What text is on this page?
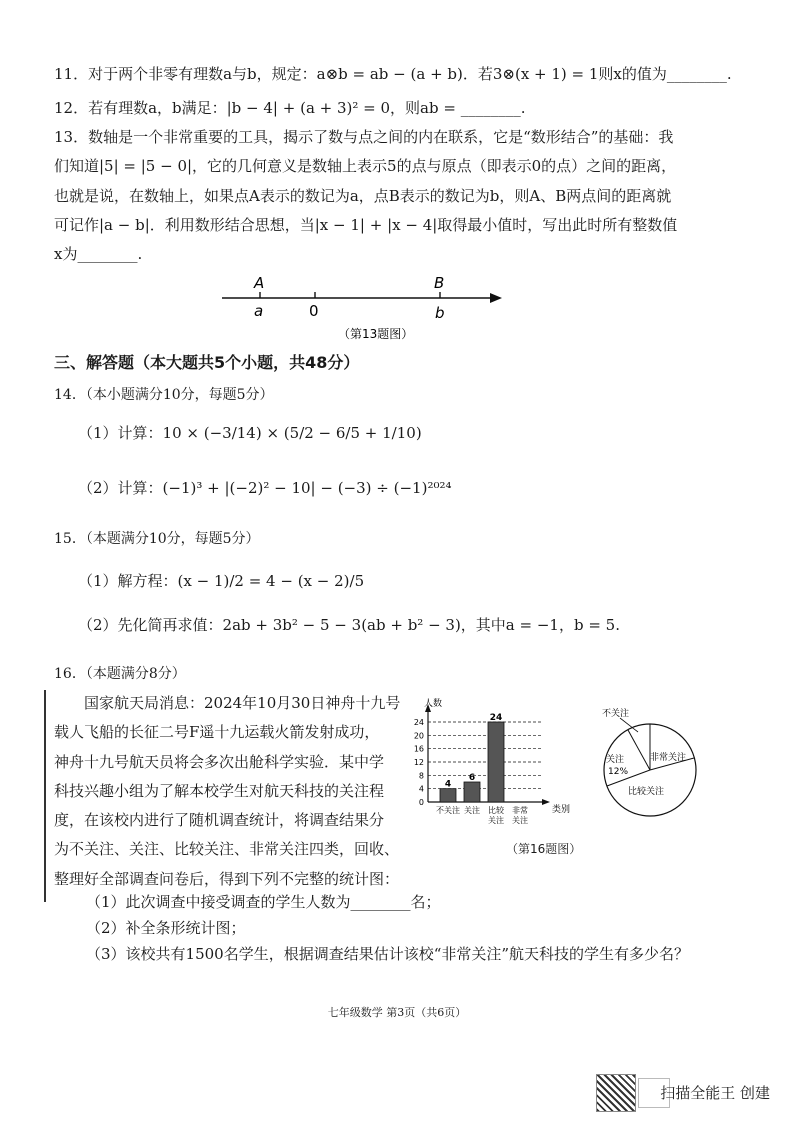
11．对于两个非零有理数a与b，规定：a⊗b = ab − (a + b)．若3⊗(x + 1) = 1则x的值为________.
12．若有理数a，b满足：|b − 4| + (a + 3)² = 0，则ab = ________.
13．数轴是一个非常重要的工具，揭示了数与点之间的内在联系，它是“数形结合”的基础：我
们知道|5| = |5 − 0|，它的几何意义是数轴上表示5的点与原点（即表示0的点）之间的距离，
也就是说，在数轴上，如果点A表示的数记为a，点B表示的数记为b，则A、B两点间的距离就
可记作|a − b|．利用数形结合思想，当|x − 1| + |x − 4|取得最小值时，写出此时所有整数值
x为________.
A	B
a	0	b
（第13题图）
三、解答题（本大题共5个小题，共48分）
14．（本小题满分10分，每题5分）
（1）计算：10 × (−3/14) × (5/2 − 6/5 + 1/10)
（2）计算：(−1)³ + |(−2)² − 10| − (−3) ÷ (−1)²⁰²⁴
15．（本题满分10分，每题5分）
（1）解方程：(x − 1)/2 = 4 − (x − 2)/5
（2）先化简再求值：2ab + 3b² − 5 − 3(ab + b² − 3)，其中a = −1，b = 5.
16．（本题满分8分）
　　国家航天局消息：2024年10月30日神舟十九号
载人飞船的长征二号F遥十九运载火箭发射成功，
神舟十九号航天员将会多次出舱科学实验．某中学
科技兴趣小组为了解本校学生对航天科技的关注程
度，在该校内进行了随机调查统计，将调查结果分
为不关注、关注、比较关注、非常关注四类，回收、
整理好全部调查问卷后，得到下列不完整的统计图：
人数
类别
0
4
8
12
16
20
24
4
不关注
6
关注
24
比较
关注
非常
关注
不关注
非常关注
关注
12%
比较关注
（第16题图）
（1）此次调查中接受调查的学生人数为________名；
（2）补全条形统计图；
（3）该校共有1500名学生，根据调查结果估计该校“非常关注”航天科技的学生有多少名？
七年级数学 第3页（共6页）
扫描全能王 创建
